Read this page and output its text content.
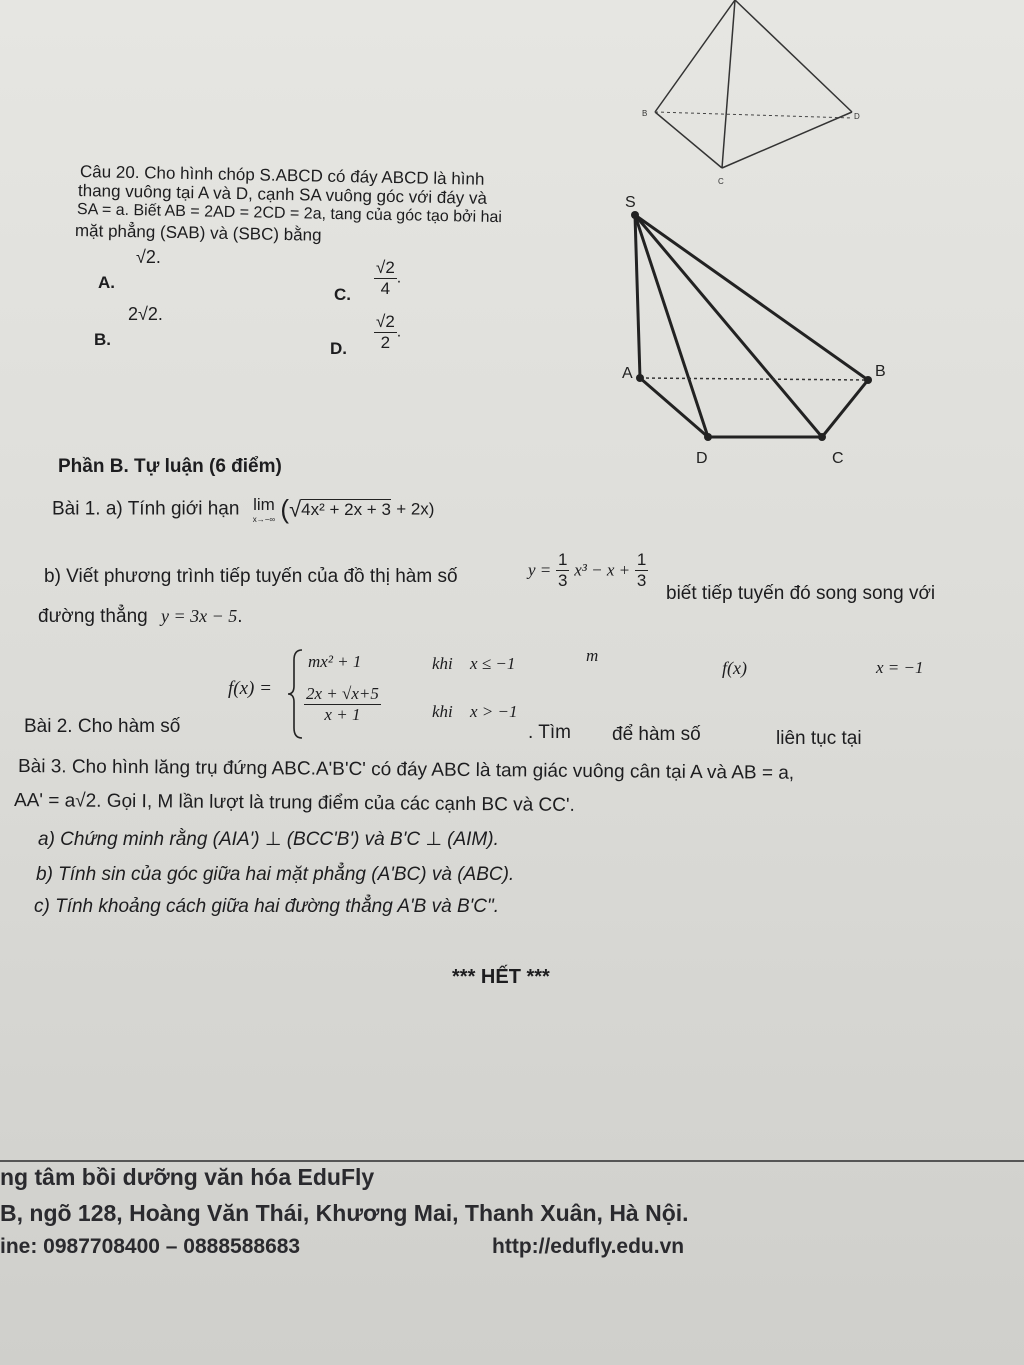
B	D
C
Câu 20. Cho hình chóp S.ABCD có đáy ABCD là hình
thang vuông tại A và D, cạnh SA vuông góc với đáy và
SA = a. Biết AB = 2AD = 2CD = 2a, tang của góc tạo bởi hai
mặt phẳng (SAB) và (SBC) bằng
√2.
A.
2√2.
B.
C. $\frac{√2}{4}$ .
D. $\frac{√2}{2}$ .
S
A	B
D	C
Phần B. Tự luận (6 điểm)
Bài 1. a) Tính giới hạn lim
x→−∞ (√4x² + 2x + 3 + 2x)
b) Viết phương trình tiếp tuyến của đồ thị hàm số	$y = \frac{1}{3} x^3 - x + \frac{1}{3}$
biết tiếp tuyến đó song song với
đường thẳng y = 3x − 5.
Bài 2. Cho hàm số
f(x) =
mx² + 1	khi x ≤ −1
$\frac{2x + √x+5}{x + 1}$	khi x > −1
. Tìm
m
để hàm số
f(x)
liên tục tại
x = −1
Bài 3. Cho hình lăng trụ đứng ABC.A'B'C' có đáy ABC là tam giác vuông cân tại A và AB = a,
AA' = a√2. Gọi I, M lần lượt là trung điểm của các cạnh BC và CC'.
a) Chứng minh rằng (AIA') ⊥ (BCC'B') và B'C ⊥ (AIM).
b) Tính sin của góc giữa hai mặt phẳng (A'BC) và (ABC).
c) Tính khoảng cách giữa hai đường thẳng A'B và B'C".
*** HẾT ***
ng tâm bồi dưỡng văn hóa EduFly
B, ngõ 128, Hoàng Văn Thái, Khương Mai, Thanh Xuân, Hà Nội.
ine: 0987708400 – 0888588683	http://edufly.edu.vn
